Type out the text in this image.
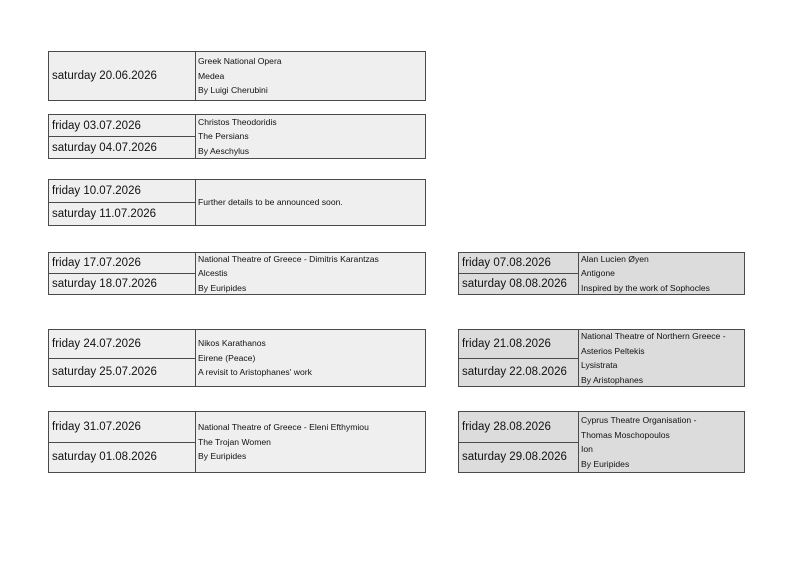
saturday 20.06.2026
Greek National Opera
Medea
By Luigi Cherubini
friday 03.07.2026
saturday 04.07.2026
Christos Theodoridis
The Persians
By Aeschylus
friday 10.07.2026
saturday 11.07.2026
Further details to be announced soon.
friday 17.07.2026
saturday 18.07.2026
National Theatre of Greece - Dimitris Karantzas
Alcestis
By Euripides
friday 24.07.2026
saturday 25.07.2026
Nikos Karathanos
Eirene (Peace)
A revisit to Aristophanes' work
friday 31.07.2026
saturday 01.08.2026
National Theatre of Greece - Eleni Efthymiou
The Trojan Women
By Euripides
friday 07.08.2026
saturday 08.08.2026
Alan Lucien Øyen
Antigone
Inspired by the work of Sophocles
friday 21.08.2026
saturday 22.08.2026
National Theatre of Northern Greece -
Asterios Peltekis
Lysistrata
By Aristophanes
friday 28.08.2026
saturday 29.08.2026
Cyprus Theatre Organisation -
Thomas Moschopoulos
Ion
By Euripides
